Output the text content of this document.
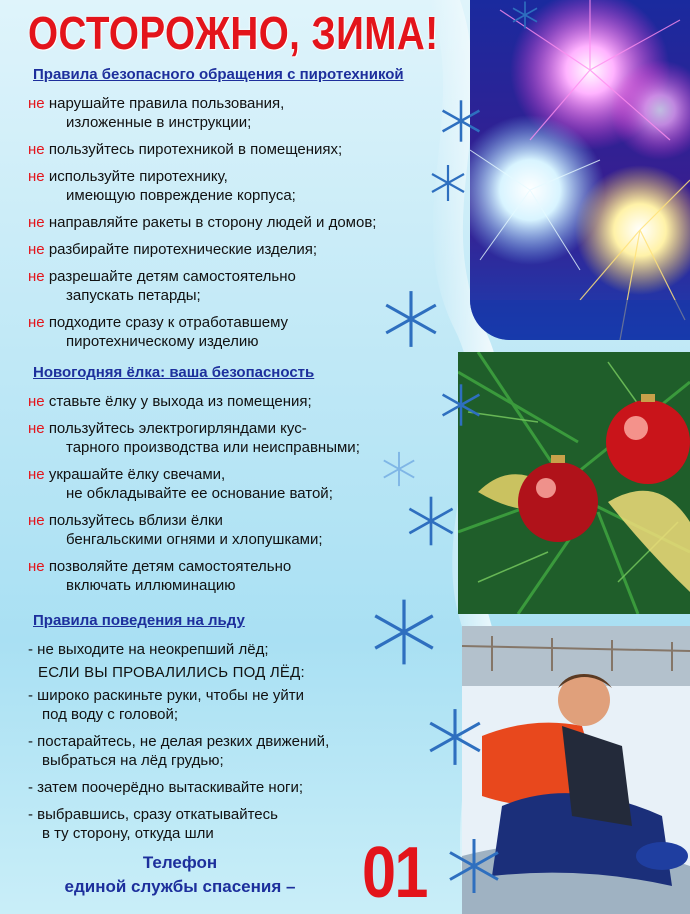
ОСТОРОЖНО, ЗИМА!
Правила безопасного обращения с пиротехникой
не нарушайте правила пользования,
изложенные в инструкции;
не пользуйтесь пиротехникой в помещениях;
не используйте пиротехнику,
имеющую повреждение корпуса;
не направляйте ракеты в сторону людей и домов;
не разбирайте пиротехнические изделия;
не разрешайте детям самостоятельно
запускать петарды;
не подходите сразу к отработавшему
пиротехническому изделию
Новогодняя ёлка: ваша безопасность
не ставьте ёлку у выхода из помещения;
не пользуйтесь электрогирляндами кус-
тарного производства или неисправными;
не украшайте ёлку свечами,
не обкладывайте ее основание ватой;
не пользуйтесь вблизи ёлки
бенгальскими огнями и хлопушками;
не позволяйте детям самостоятельно
включать иллюминацию
Правила поведения на льду
- не выходите на неокрепший лёд;
ЕСЛИ ВЫ ПРОВАЛИЛИСЬ ПОД ЛЁД:
- широко раскиньте руки, чтобы не уйти
под воду с головой;
- постарайтесь, не делая резких движений,
выбраться на лёд грудью;
- затем поочерёдно вытаскивайте ноги;
- выбравшись, сразу откатывайтесь
в ту сторону, откуда шли
Телефон
единой службы спасения – 01
